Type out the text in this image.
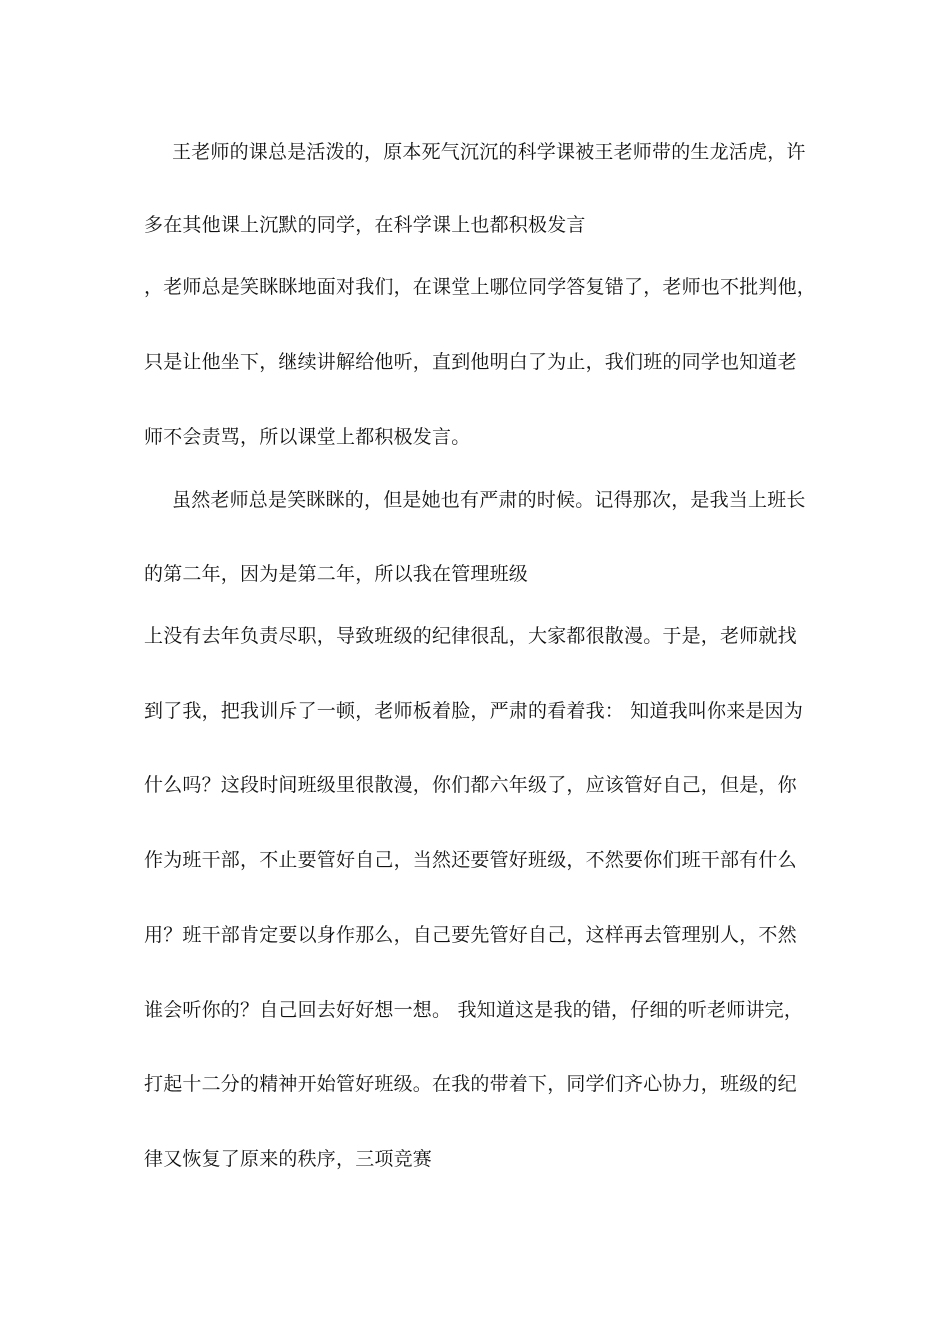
王老师的课总是活泼的，原本死气沉沉的科学课被王老师带的生龙活虎，许
多在其他课上沉默的同学，在科学课上也都积极发言
，老师总是笑眯眯地面对我们，在课堂上哪位同学答复错了，老师也不批判他，
只是让他坐下，继续讲解给他听，直到他明白了为止，我们班的同学也知道老
师不会责骂，所以课堂上都积极发言。
虽然老师总是笑眯眯的，但是她也有严肃的时候。记得那次，是我当上班长
的第二年，因为是第二年，所以我在管理班级
上没有去年负责尽职，导致班级的纪律很乱，大家都很散漫。于是，老师就找
到了我，把我训斥了一顿，老师板着脸，严肃的看着我： 知道我叫你来是因为
什么吗？这段时间班级里很散漫，你们都六年级了，应该管好自己，但是，你
作为班干部，不止要管好自己，当然还要管好班级，不然要你们班干部有什么
用？班干部肯定要以身作那么，自己要先管好自己，这样再去管理别人，不然
谁会听你的？自己回去好好想一想。 我知道这是我的错，仔细的听老师讲完，
打起十二分的精神开始管好班级。在我的带着下，同学们齐心协力，班级的纪
律又恢复了原来的秩序，三项竞赛
